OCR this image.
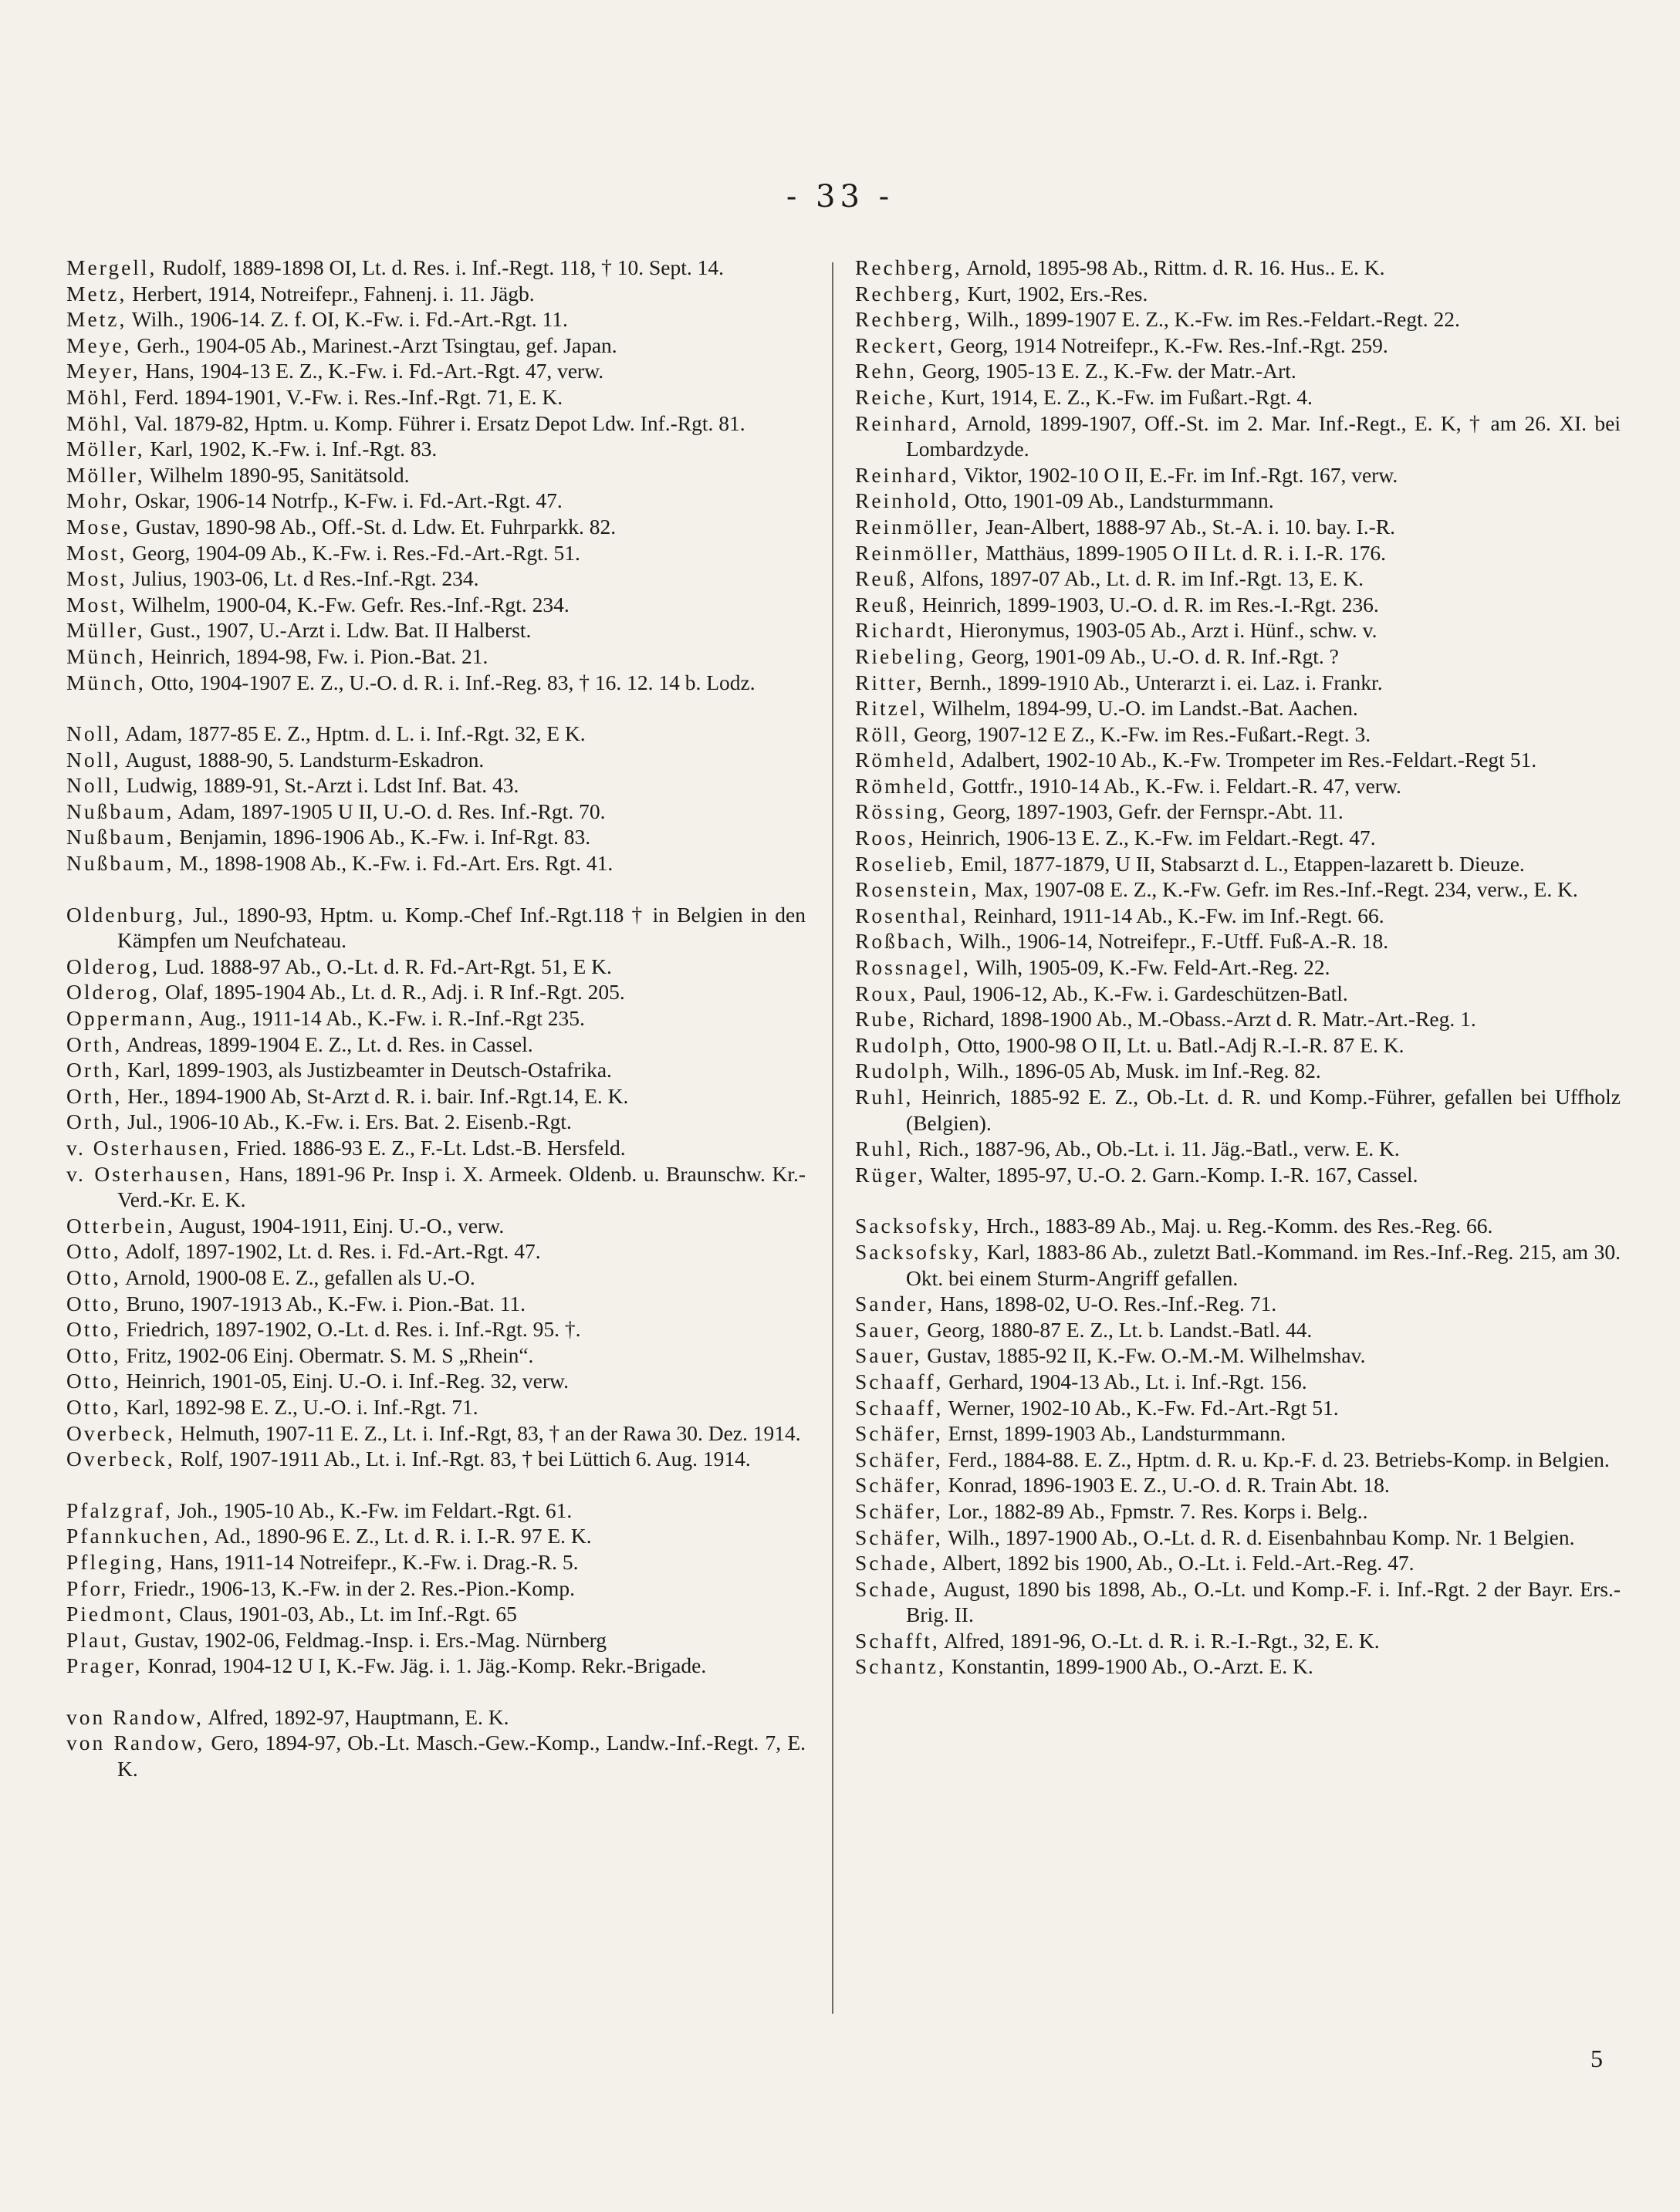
- 33 -
Mergell, Rudolf, 1889-1898 OI, Lt. d. Res. i. Inf.-Regt. 118, † 10. Sept. 14.
Metz, Herbert, 1914, Notreifepr., Fahnenj. i. 11. Jägb.
Metz, Wilh., 1906-14. Z. f. OI, K.-Fw. i. Fd.-Art.-Rgt. 11.
Meye, Gerh., 1904-05 Ab., Marinest.-Arzt Tsingtau, gef. Japan.
Meyer, Hans, 1904-13 E. Z., K.-Fw. i. Fd.-Art.-Rgt. 47, verw.
Möhl, Ferd. 1894-1901, V.-Fw. i. Res.-Inf.-Rgt. 71, E. K.
Möhl, Val. 1879-82, Hptm. u. Komp. Führer i. Ersatz Depot Ldw. Inf.-Rgt. 81.
Möller, Karl, 1902, K.-Fw. i. Inf.-Rgt. 83.
Möller, Wilhelm 1890-95, Sanitätsold.
Mohr, Oskar, 1906-14 Notrfp., K-Fw. i. Fd.-Art.-Rgt. 47.
Mose, Gustav, 1890-98 Ab., Off.-St. d. Ldw. Et. Fuhrparkk. 82.
Most, Georg, 1904-09 Ab., K.-Fw. i. Res.-Fd.-Art.-Rgt. 51.
Most, Julius, 1903-06, Lt. d Res.-Inf.-Rgt. 234.
Most, Wilhelm, 1900-04, K.-Fw. Gefr. Res.-Inf.-Rgt. 234.
Müller, Gust., 1907, U.-Arzt i. Ldw. Bat. II Halberst.
Münch, Heinrich, 1894-98, Fw. i. Pion.-Bat. 21.
Münch, Otto, 1904-1907 E. Z., U.-O. d. R. i. Inf.-Reg. 83, † 16. 12. 14 b. Lodz.
Noll, Adam, 1877-85 E. Z., Hptm. d. L. i. Inf.-Rgt. 32, E K.
Noll, August, 1888-90, 5. Landsturm-Eskadron.
Noll, Ludwig, 1889-91, St.-Arzt i. Ldst Inf. Bat. 43.
Nußbaum, Adam, 1897-1905 U II, U.-O. d. Res. Inf.-Rgt. 70.
Nußbaum, Benjamin, 1896-1906 Ab., K.-Fw. i. Inf-Rgt. 83.
Nußbaum, M., 1898-1908 Ab., K.-Fw. i. Fd.-Art. Ers. Rgt. 41.
Oldenburg, Jul., 1890-93, Hptm. u. Komp.-Chef Inf.-Rgt.118 † in Belgien in den Kämpfen um Neufchateau.
Olderog, Lud. 1888-97 Ab., O.-Lt. d. R. Fd.-Art-Rgt. 51, E K.
Olderog, Olaf, 1895-1904 Ab., Lt. d. R., Adj. i. R Inf.-Rgt. 205.
Oppermann, Aug., 1911-14 Ab., K.-Fw. i. R.-Inf.-Rgt 235.
Orth, Andreas, 1899-1904 E. Z., Lt. d. Res. in Cassel.
Orth, Karl, 1899-1903, als Justizbeamter in Deutsch-Ostafrika.
Orth, Her., 1894-1900 Ab, St-Arzt d. R. i. bair. Inf.-Rgt.14, E. K.
Orth, Jul., 1906-10 Ab., K.-Fw. i. Ers. Bat. 2. Eisenb.-Rgt.
v. Osterhausen, Fried. 1886-93 E. Z., F.-Lt. Ldst.-B. Hersfeld.
v. Osterhausen, Hans, 1891-96 Pr. Insp i. X. Armeek. Oldenb. u. Braunschw. Kr.-Verd.-Kr. E. K.
Otterbein, August, 1904-1911, Einj. U.-O., verw.
Otto, Adolf, 1897-1902, Lt. d. Res. i. Fd.-Art.-Rgt. 47.
Otto, Arnold, 1900-08 E. Z., gefallen als U.-O.
Otto, Bruno, 1907-1913 Ab., K.-Fw. i. Pion.-Bat. 11.
Otto, Friedrich, 1897-1902, O.-Lt. d. Res. i. Inf.-Rgt. 95. †.
Otto, Fritz, 1902-06 Einj. Obermatr. S. M. S „Rhein“.
Otto, Heinrich, 1901-05, Einj. U.-O. i. Inf.-Reg. 32, verw.
Otto, Karl, 1892-98 E. Z., U.-O. i. Inf.-Rgt. 71.
Overbeck, Helmuth, 1907-11 E. Z., Lt. i. Inf.-Rgt, 83, † an der Rawa 30. Dez. 1914.
Overbeck, Rolf, 1907-1911 Ab., Lt. i. Inf.-Rgt. 83, † bei Lüttich 6. Aug. 1914.
Pfalzgraf, Joh., 1905-10 Ab., K.-Fw. im Feldart.-Rgt. 61.
Pfannkuchen, Ad., 1890-96 E. Z., Lt. d. R. i. I.-R. 97 E. K.
Pfleging, Hans, 1911-14 Notreifepr., K.-Fw. i. Drag.-R. 5.
Pforr, Friedr., 1906-13, K.-Fw. in der 2. Res.-Pion.-Komp.
Piedmont, Claus, 1901-03, Ab., Lt. im Inf.-Rgt. 65
Plaut, Gustav, 1902-06, Feldmag.-Insp. i. Ers.-Mag. Nürnberg
Prager, Konrad, 1904-12 U I, K.-Fw. Jäg. i. 1. Jäg.-Komp. Rekr.-Brigade.
von Randow, Alfred, 1892-97, Hauptmann, E. K.
von Randow, Gero, 1894-97, Ob.-Lt. Masch.-Gew.-Komp., Landw.-Inf.-Regt. 7, E. K.
Rechberg, Arnold, 1895-98 Ab., Rittm. d. R. 16. Hus.. E. K.
Rechberg, Kurt, 1902, Ers.-Res.
Rechberg, Wilh., 1899-1907 E. Z., K.-Fw. im Res.-Feldart.-Regt. 22.
Reckert, Georg, 1914 Notreifepr., K.-Fw. Res.-Inf.-Rgt. 259.
Rehn, Georg, 1905-13 E. Z., K.-Fw. der Matr.-Art.
Reiche, Kurt, 1914, E. Z., K.-Fw. im Fußart.-Rgt. 4.
Reinhard, Arnold, 1899-1907, Off.-St. im 2. Mar. Inf.-Regt., E. K, † am 26. XI. bei Lombardzyde.
Reinhard, Viktor, 1902-10 O II, E.-Fr. im Inf.-Rgt. 167, verw.
Reinhold, Otto, 1901-09 Ab., Landsturmmann.
Reinmöller, Jean-Albert, 1888-97 Ab., St.-A. i. 10. bay. I.-R.
Reinmöller, Matthäus, 1899-1905 O II Lt. d. R. i. I.-R. 176.
Reuß, Alfons, 1897-07 Ab., Lt. d. R. im Inf.-Rgt. 13, E. K.
Reuß, Heinrich, 1899-1903, U.-O. d. R. im Res.-I.-Rgt. 236.
Richardt, Hieronymus, 1903-05 Ab., Arzt i. Hünf., schw. v.
Riebeling, Georg, 1901-09 Ab., U.-O. d. R. Inf.-Rgt. ?
Ritter, Bernh., 1899-1910 Ab., Unterarzt i. ei. Laz. i. Frankr.
Ritzel, Wilhelm, 1894-99, U.-O. im Landst.-Bat. Aachen.
Röll, Georg, 1907-12 E Z., K.-Fw. im Res.-Fußart.-Regt. 3.
Römheld, Adalbert, 1902-10 Ab., K.-Fw. Trompeter im Res.-Feldart.-Regt 51.
Römheld, Gottfr., 1910-14 Ab., K.-Fw. i. Feldart.-R. 47, verw.
Rössing, Georg, 1897-1903, Gefr. der Fernspr.-Abt. 11.
Roos, Heinrich, 1906-13 E. Z., K.-Fw. im Feldart.-Regt. 47.
Roselieb, Emil, 1877-1879, U II, Stabsarzt d. L., Etappen-lazarett b. Dieuze.
Rosenstein, Max, 1907-08 E. Z., K.-Fw. Gefr. im Res.-Inf.-Regt. 234, verw., E. K.
Rosenthal, Reinhard, 1911-14 Ab., K.-Fw. im Inf.-Regt. 66.
Roßbach, Wilh., 1906-14, Notreifepr., F.-Utff. Fuß-A.-R. 18.
Rossnagel, Wilh, 1905-09, K.-Fw. Feld-Art.-Reg. 22.
Roux, Paul, 1906-12, Ab., K.-Fw. i. Gardeschützen-Batl.
Rube, Richard, 1898-1900 Ab., M.-Obass.-Arzt d. R. Matr.-Art.-Reg. 1.
Rudolph, Otto, 1900-98 O II, Lt. u. Batl.-Adj R.-I.-R. 87 E. K.
Rudolph, Wilh., 1896-05 Ab, Musk. im Inf.-Reg. 82.
Ruhl, Heinrich, 1885-92 E. Z., Ob.-Lt. d. R. und Komp.-Führer, gefallen bei Uffholz (Belgien).
Ruhl, Rich., 1887-96, Ab., Ob.-Lt. i. 11. Jäg.-Batl., verw. E. K.
Rüger, Walter, 1895-97, U.-O. 2. Garn.-Komp. I.-R. 167, Cassel.
Sacksofsky, Hrch., 1883-89 Ab., Maj. u. Reg.-Komm. des Res.-Reg. 66.
Sacksofsky, Karl, 1883-86 Ab., zuletzt Batl.-Kommand. im Res.-Inf.-Reg. 215, am 30. Okt. bei einem Sturm-Angriff gefallen.
Sander, Hans, 1898-02, U-O. Res.-Inf.-Reg. 71.
Sauer, Georg, 1880-87 E. Z., Lt. b. Landst.-Batl. 44.
Sauer, Gustav, 1885-92 II, K.-Fw. O.-M.-M. Wilhelmshav.
Schaaff, Gerhard, 1904-13 Ab., Lt. i. Inf.-Rgt. 156.
Schaaff, Werner, 1902-10 Ab., K.-Fw. Fd.-Art.-Rgt 51.
Schäfer, Ernst, 1899-1903 Ab., Landsturmmann.
Schäfer, Ferd., 1884-88. E. Z., Hptm. d. R. u. Kp.-F. d. 23. Betriebs-Komp. in Belgien.
Schäfer, Konrad, 1896-1903 E. Z., U.-O. d. R. Train Abt. 18.
Schäfer, Lor., 1882-89 Ab., Fpmstr. 7. Res. Korps i. Belg..
Schäfer, Wilh., 1897-1900 Ab., O.-Lt. d. R. d. Eisenbahnbau Komp. Nr. 1 Belgien.
Schade, Albert, 1892 bis 1900, Ab., O.-Lt. i. Feld.-Art.-Reg. 47.
Schade, August, 1890 bis 1898, Ab., O.-Lt. und Komp.-F. i. Inf.-Rgt. 2 der Bayr. Ers.-Brig. II.
Schafft, Alfred, 1891-96, O.-Lt. d. R. i. R.-I.-Rgt., 32, E. K.
Schantz, Konstantin, 1899-1900 Ab., O.-Arzt. E. K.
5
